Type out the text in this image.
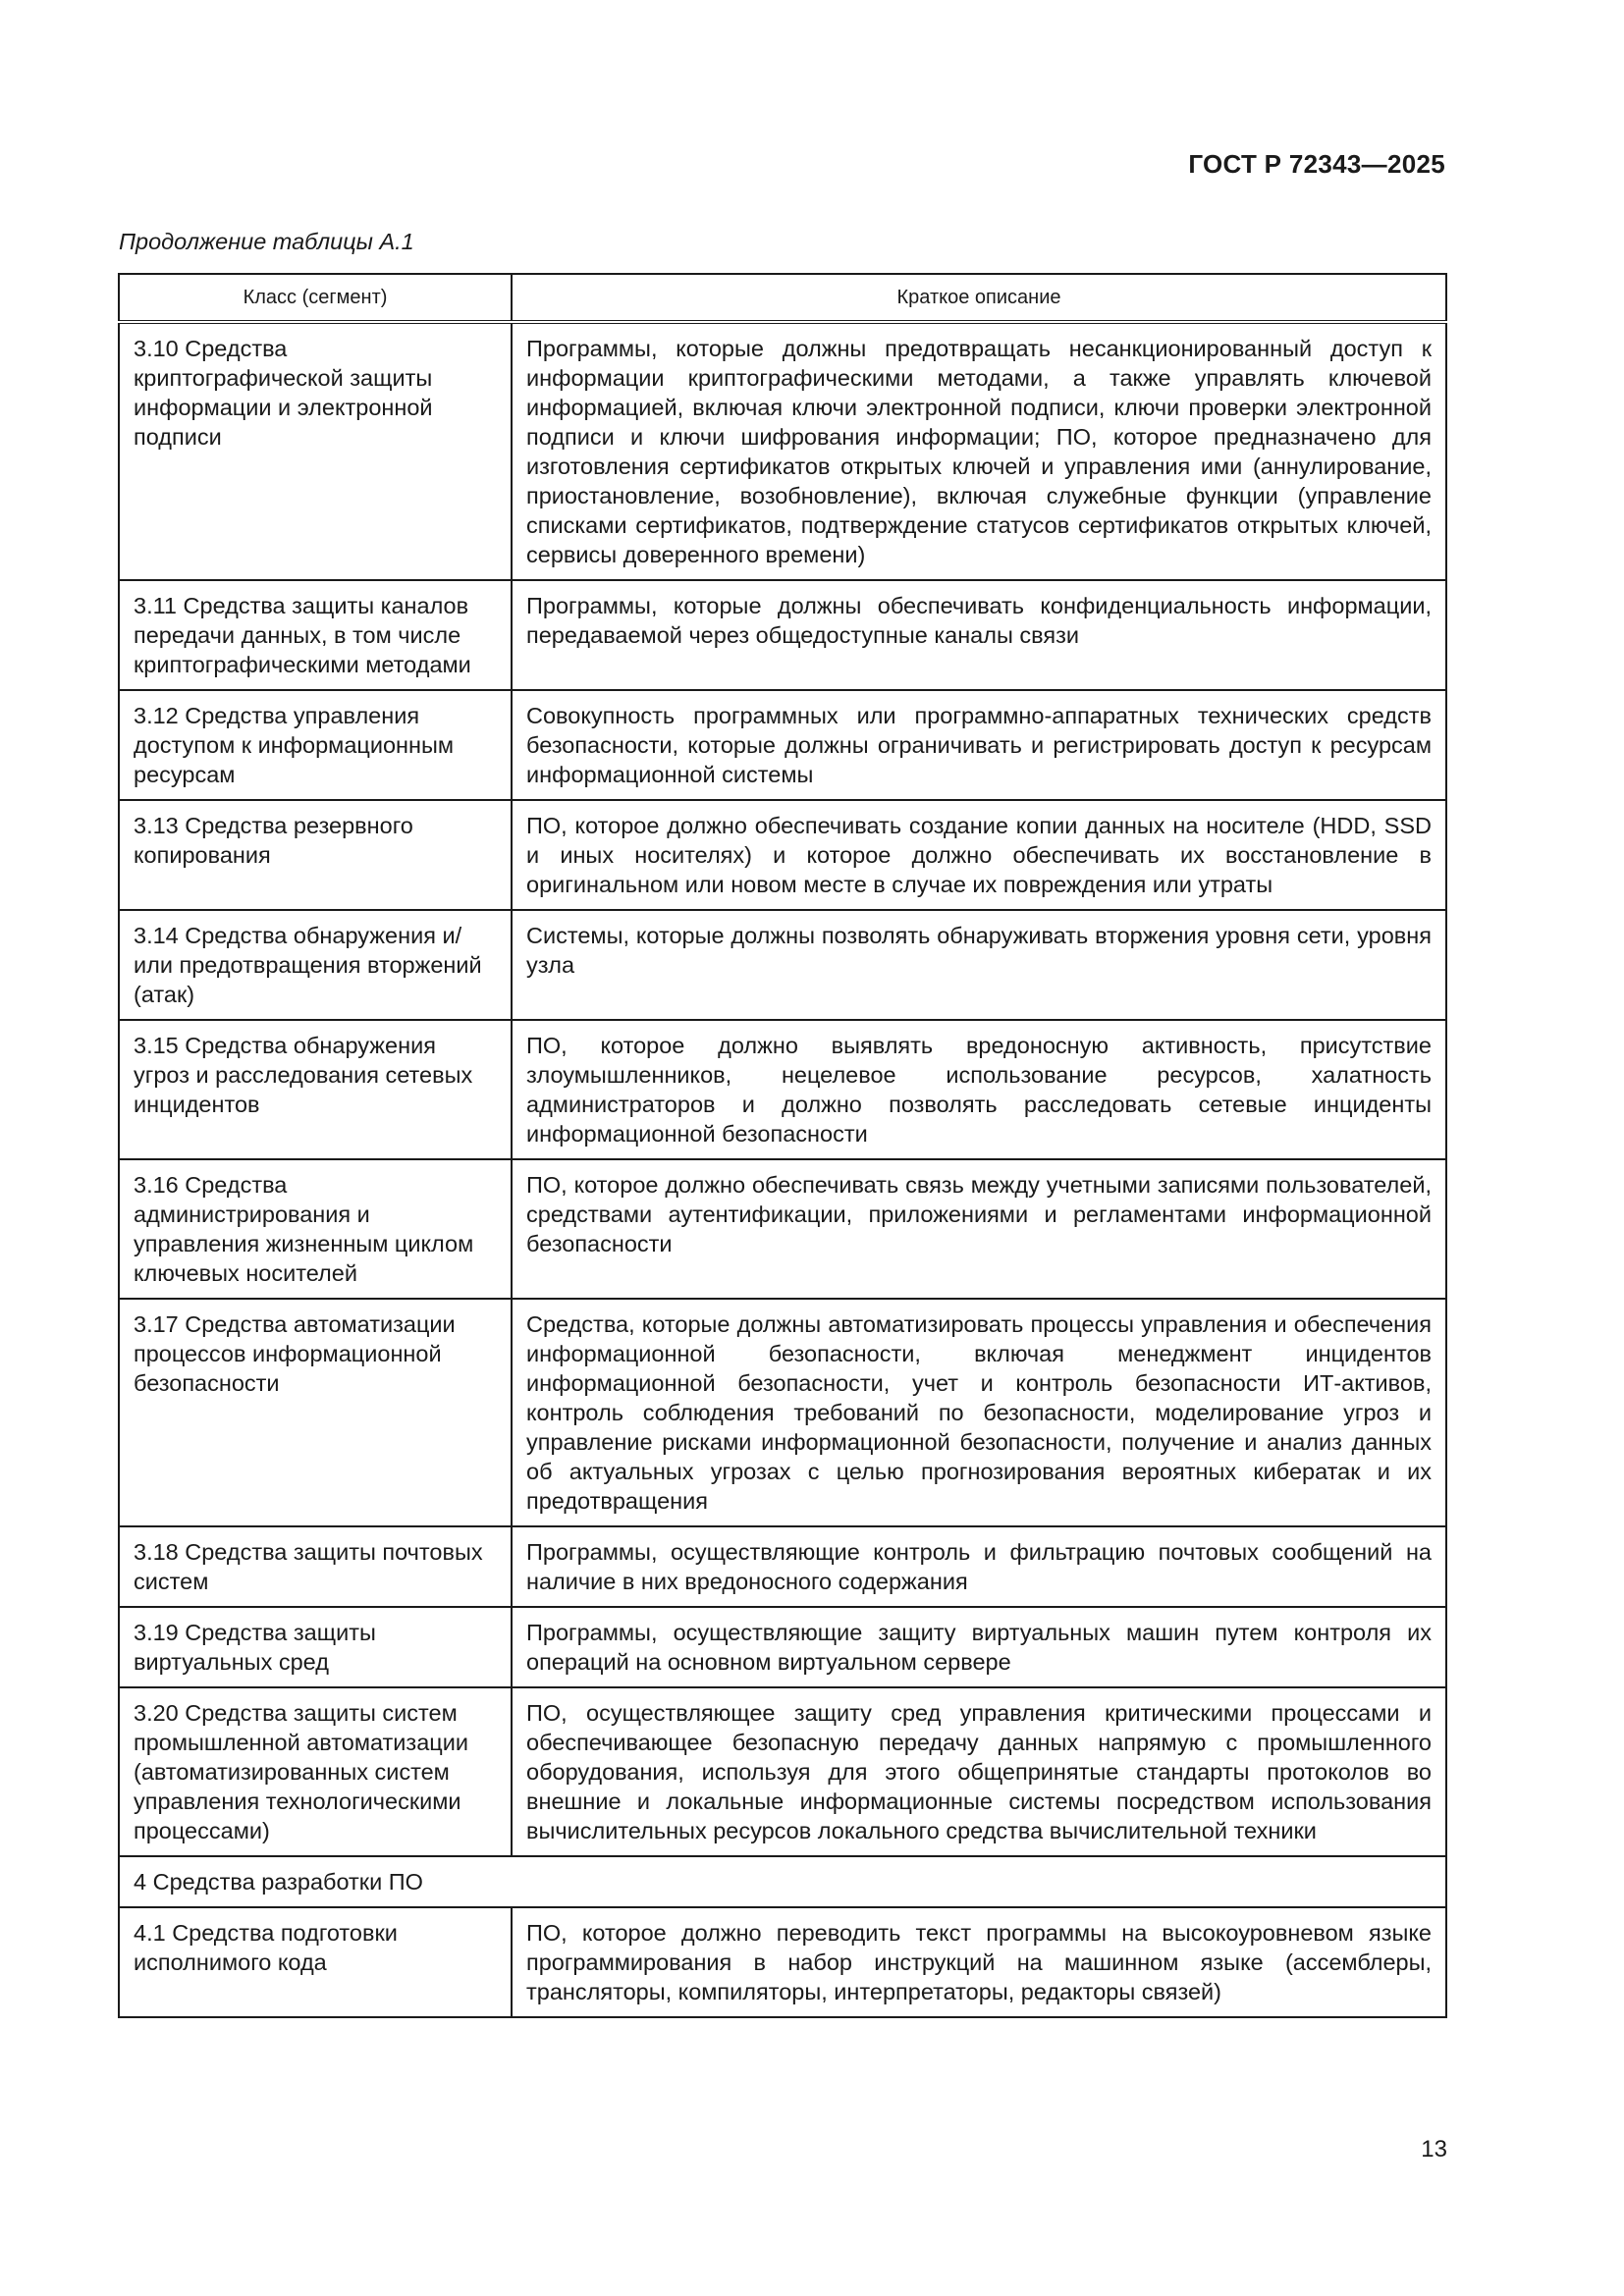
ГОСТ Р 72343—2025
Продолжение таблицы А.1
Класс (сегмент)	Краткое описание
3.10 Средства криптографической защиты информации и электронной подписи	Программы, которые должны предотвращать несанкционированный доступ к информации криптографическими методами, а также управлять ключевой информацией, включая ключи электронной подписи, ключи проверки электронной подписи и ключи шифрования информации; ПО, которое предназначено для изготовления сертификатов открытых ключей и управления ими (аннулирование, приостановление, возобновление), включая служебные функции (управление списками сертификатов, подтверждение статусов сертификатов открытых ключей, сервисы доверенного времени)
3.11 Средства защиты каналов передачи данных, в том числе криптографическими методами	Программы, которые должны обеспечивать конфиденциальность информации, передаваемой через общедоступные каналы связи
3.12 Средства управления доступом к информационным ресурсам	Совокупность программных или программно-аппаратных технических средств безопасности, которые должны ограничивать и регистрировать доступ к ресурсам информационной системы
3.13 Средства резервного копирования	ПО, которое должно обеспечивать создание копии данных на носителе (HDD, SSD и иных носителях) и которое должно обеспечивать их восстановление в оригинальном или новом месте в случае их повреждения или утраты
3.14 Средства обнаружения и/или предотвращения вторжений (атак)	Системы, которые должны позволять обнаруживать вторжения уровня сети, уровня узла
3.15 Средства обнаружения угроз и расследования сетевых инцидентов	ПО, которое должно выявлять вредоносную активность, присутствие злоумышленников, нецелевое использование ресурсов, халатность администраторов и должно позволять расследовать сетевые инциденты информационной безопасности
3.16 Средства администрирования и управления жизненным циклом ключевых носителей	ПО, которое должно обеспечивать связь между учетными записями пользователей, средствами аутентификации, приложениями и регламентами информационной безопасности
3.17 Средства автоматизации процессов информационной безопасности	Средства, которые должны автоматизировать процессы управления и обеспечения информационной безопасности, включая менеджмент инцидентов информационной безопасности, учет и контроль безопасности ИТ-активов, контроль соблюдения требований по безопасности, моделирование угроз и управление рисками информационной безопасности, получение и анализ данных об актуальных угрозах с целью прогнозирования вероятных кибератак и их предотвращения
3.18 Средства защиты почтовых систем	Программы, осуществляющие контроль и фильтрацию почтовых сообщений на наличие в них вредоносного содержания
3.19 Средства защиты виртуальных сред	Программы, осуществляющие защиту виртуальных машин путем контроля их операций на основном виртуальном сервере
3.20 Средства защиты систем промышленной автоматизации (автоматизированных систем управления технологическими процессами)	ПО, осуществляющее защиту сред управления критическими процессами и обеспечивающее безопасную передачу данных напрямую с промышленного оборудования, используя для этого общепринятые стандарты протоколов во внешние и локальные информационные системы посредством использования вычислительных ресурсов локального средства вычислительной техники
4 Средства разработки ПО	
4.1 Средства подготовки исполнимого кода	ПО, которое должно переводить текст программы на высокоуровневом языке программирования в набор инструкций на машинном языке (ассемблеры, трансляторы, компиляторы, интерпретаторы, редакторы связей)
13
